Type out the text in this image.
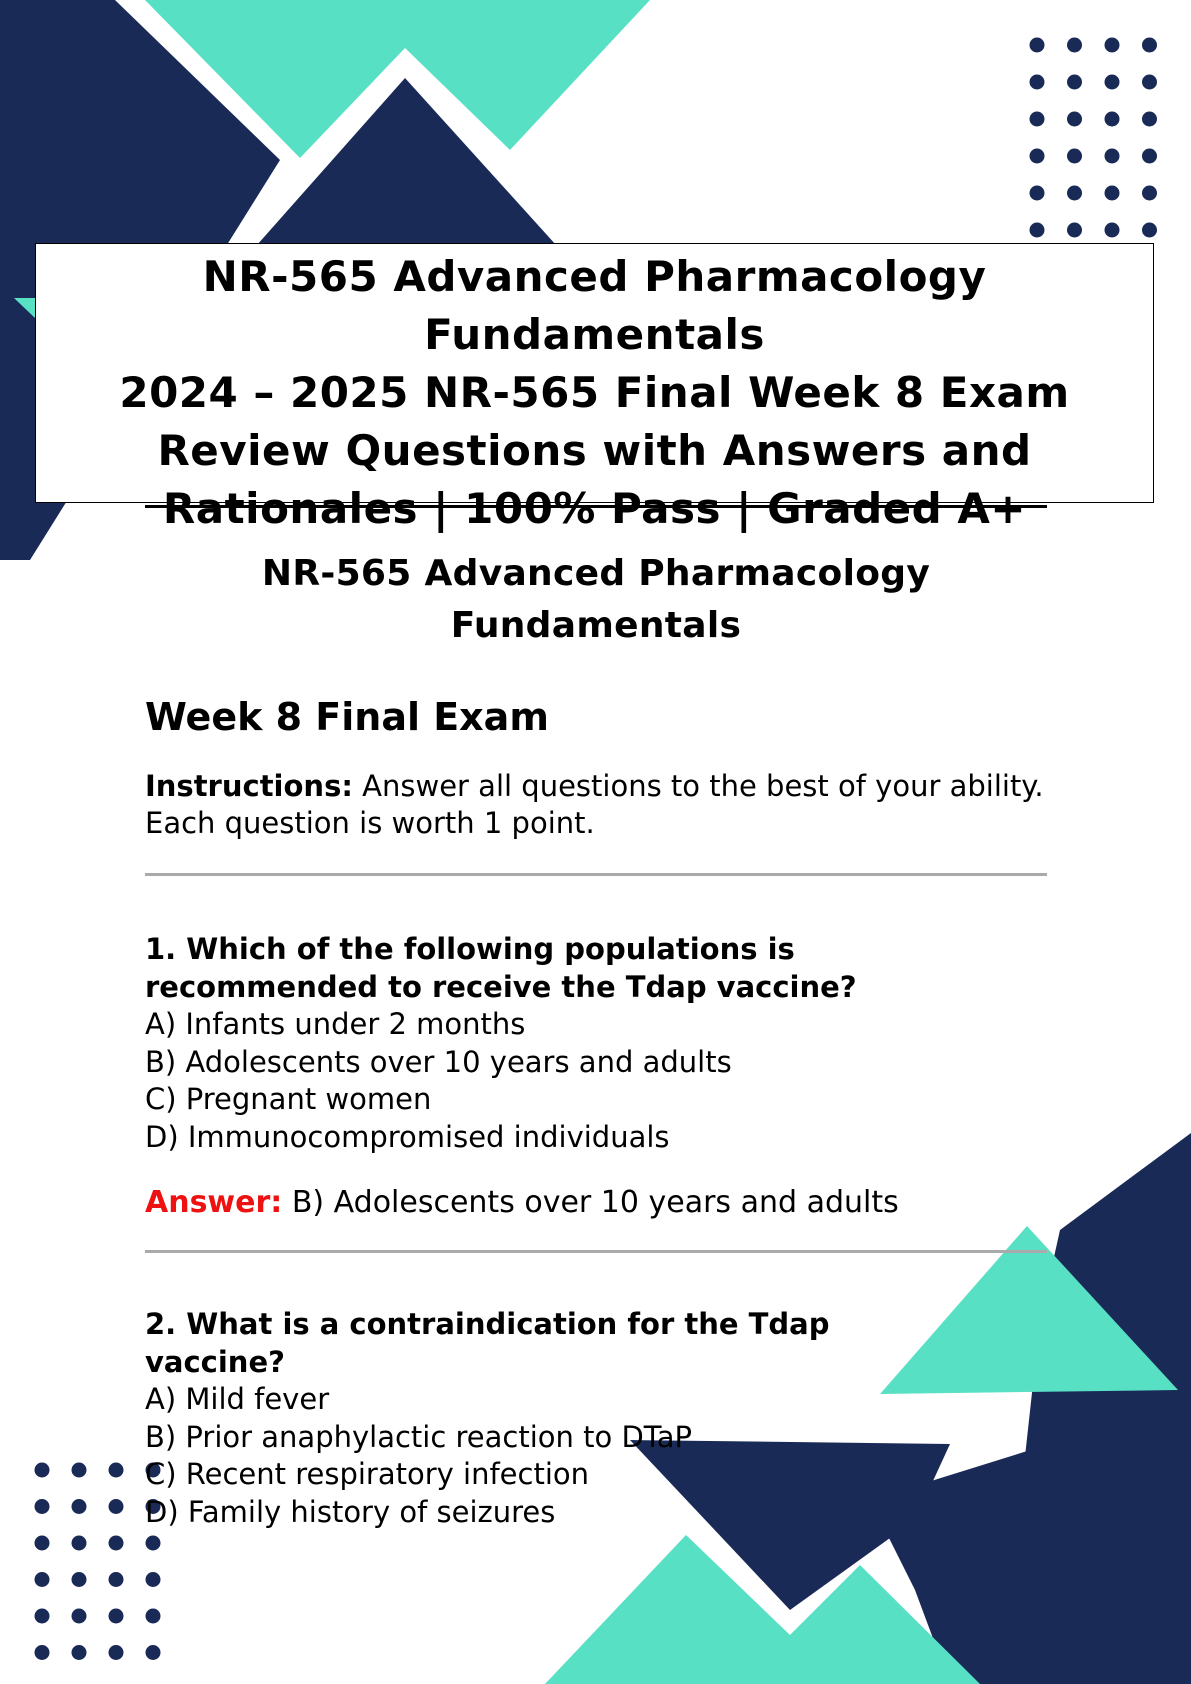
NR-565 Advanced Pharmacology

Fundamentals

2024 – 2025 NR-565 Final Week 8 Exam

Review Questions with Answers and

Rationales | 100% Pass | Graded A+

NR-565 Advanced Pharmacology
Fundamentals
Week 8 Final Exam

Instructions: Answer all questions to the best of your ability. Each question is worth 1 point.

1. Which of the following populations is
recommended to receive the Tdap vaccine?

A) Infants under 2 months

B) Adolescents over 10 years and adults

C) Pregnant women

D) Immunocompromised individuals

Answer: B) Adolescents over 10 years and adults

2. What is a contraindication for the Tdap
vaccine?

A) Mild fever

B) Prior anaphylactic reaction to DTaP

C) Recent respiratory infection

D) Family history of seizures
